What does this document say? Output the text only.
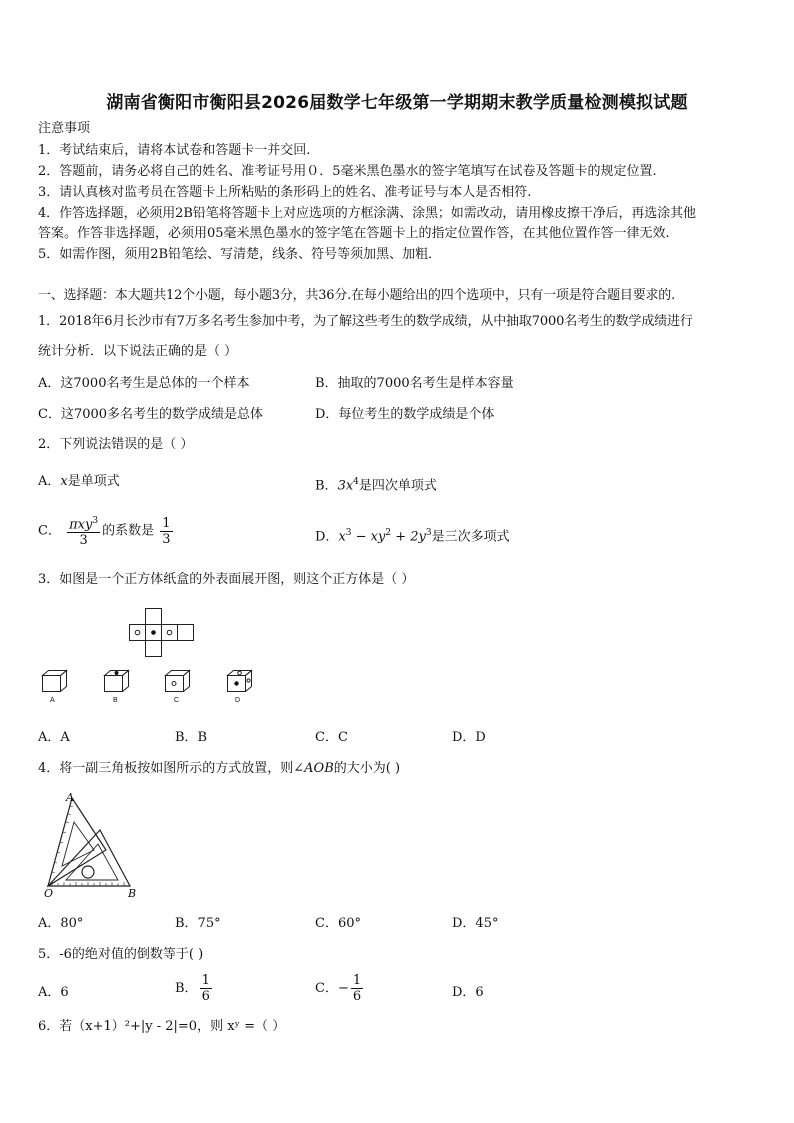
湖南省衡阳市衡阳县2026届数学七年级第一学期期末教学质量检测模拟试题
注意事项
1．考试结束后，请将本试卷和答题卡一并交回.
2．答题前，请务必将自己的姓名、准考证号用０．5毫米黑色墨水的签字笔填写在试卷及答题卡的规定位置.
3．请认真核对监考员在答题卡上所粘贴的条形码上的姓名、准考证号与本人是否相符.
4．作答选择题，必须用2B铅笔将答题卡上对应选项的方框涂满、涂黑；如需改动，请用橡皮擦干净后，再选涂其他
答案。作答非选择题，必须用05毫米黑色墨水的签字笔在答题卡上的指定位置作答，在其他位置作答一律无效.
5．如需作图，须用2B铅笔绘、写清楚，线条、符号等须加黑、加粗．
一、选择题：本大题共12个小题，每小题3分，共36分.在每小题给出的四个选项中，只有一项是符合题目要求的.
1．2018年6月长沙市有7万多名考生参加中考，为了解这些考生的数学成绩，从中抽取7000名考生的数学成绩进行
统计分析．以下说法正确的是（ ）
A．这7000名考生是总体的一个样本	B．抽取的7000名考生是样本容量
C．这7000多名考生的数学成绩是总体	D．每位考生的数学成绩是个体
2．下列说法错误的是（ ）
A．x是单项式	B．$3x^4$是四次单项式
C． $\frac{\pi xy^3}{3}$ 的系数是 $\frac{1}{3}$	D．$x^3 - xy^2 + 2y^3$是三次多项式
3．如图是一个正方体纸盒的外表面展开图，则这个正方体是（ ）
A	B	C	D
A．A	B．B	C．C	D．D
4．将一副三角板按如图所示的方式放置，则∠AOB的大小为( )
A
O	B
A．80°	B．75°	C．60°	D．45°
5．-6的绝对值的倒数等于( )
A．6	B． $\frac{1}{6}$	C．− $\frac{1}{6}$	D．6
6．若（x+1）²+|y - 2|=0，则 xʸ =（ ）
